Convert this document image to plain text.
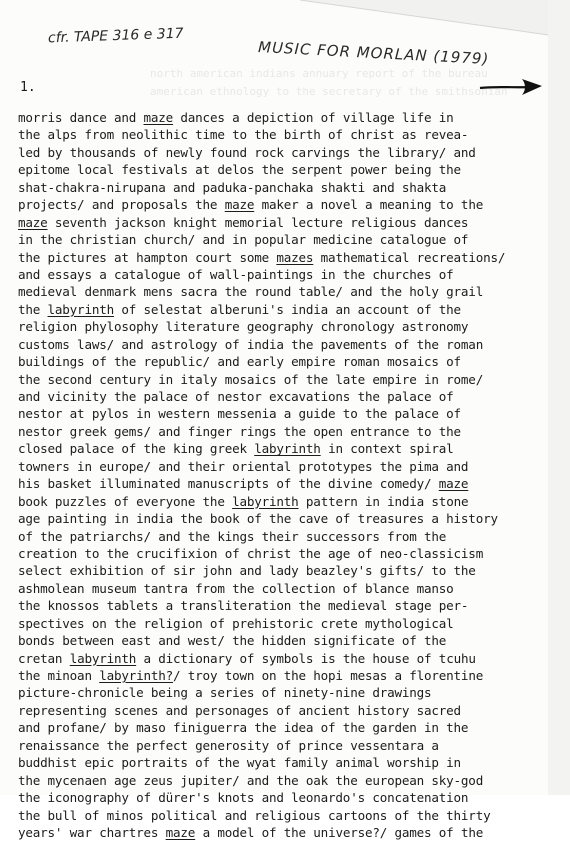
north american indians annuary report of the bureau
american ethnology to the secretary of the smithsonian

cfr. TAPE 316 e 317
MUSIC FOR MORLAN (1979)
1.
morris dance and maze dances a depiction of village life in
the alps from neolithic time to the birth of christ as revea-
led by thousands of newly found rock carvings the library/ and
epitome local festivals at delos the serpent power being the
shat-chakra-nirupana and paduka-panchaka shakti and shakta
projects/ and proposals the maze maker a novel a meaning to the
maze seventh jackson knight memorial lecture religious dances
in the christian church/ and in popular medicine catalogue of
the pictures at hampton court some mazes mathematical recreations/
and essays a catalogue of wall-paintings in the churches of
medieval denmark mens sacra the round table/ and the holy grail
the labyrinth of selestat alberuni's india an account of the
religion phylosophy literature geography chronology astronomy
customs laws/ and astrology of india the pavements of the roman
buildings of the republic/ and early empire roman mosaics of
the second century in italy mosaics of the late empire in rome/
and vicinity the palace of nestor excavations the palace of
nestor at pylos in western messenia a guide to the palace of
nestor greek gems/ and finger rings the open entrance to the
closed palace of the king greek labyrinth in context spiral
towners in europe/ and their oriental prototypes the pima and
his basket illuminated manuscripts of the divine comedy/ maze
book puzzles of everyone the labyrinth pattern in india stone
age painting in india the book of the cave of treasures a history
of the patriarchs/ and the kings their successors from the
creation to the crucifixion of christ the age of neo-classicism
select exhibition of sir john and lady beazley's gifts/ to the
ashmolean museum tantra from the collection of blance manso
the knossos tablets a transliteration the medieval stage per-
spectives on the religion of prehistoric crete mythological
bonds between east and west/ the hidden significate of the
cretan labyrinth a dictionary of symbols is the house of tcuhu
the minoan labyrinth?/ troy town on the hopi mesas a florentine
picture-chronicle being a series of ninety-nine drawings
representing scenes and personages of ancient history sacred
and profane/ by maso finiguerra the idea of the garden in the
renaissance the perfect generosity of prince vessentara a
buddhist epic portraits of the wyat family animal worship in
the mycenaen age zeus jupiter/ and the oak the european sky-god
the iconography of dürer's knots and leonardo's concatenation
the bull of minos political and religious cartoons of the thirty
years' war chartres maze a model of the universe?/ games of the
